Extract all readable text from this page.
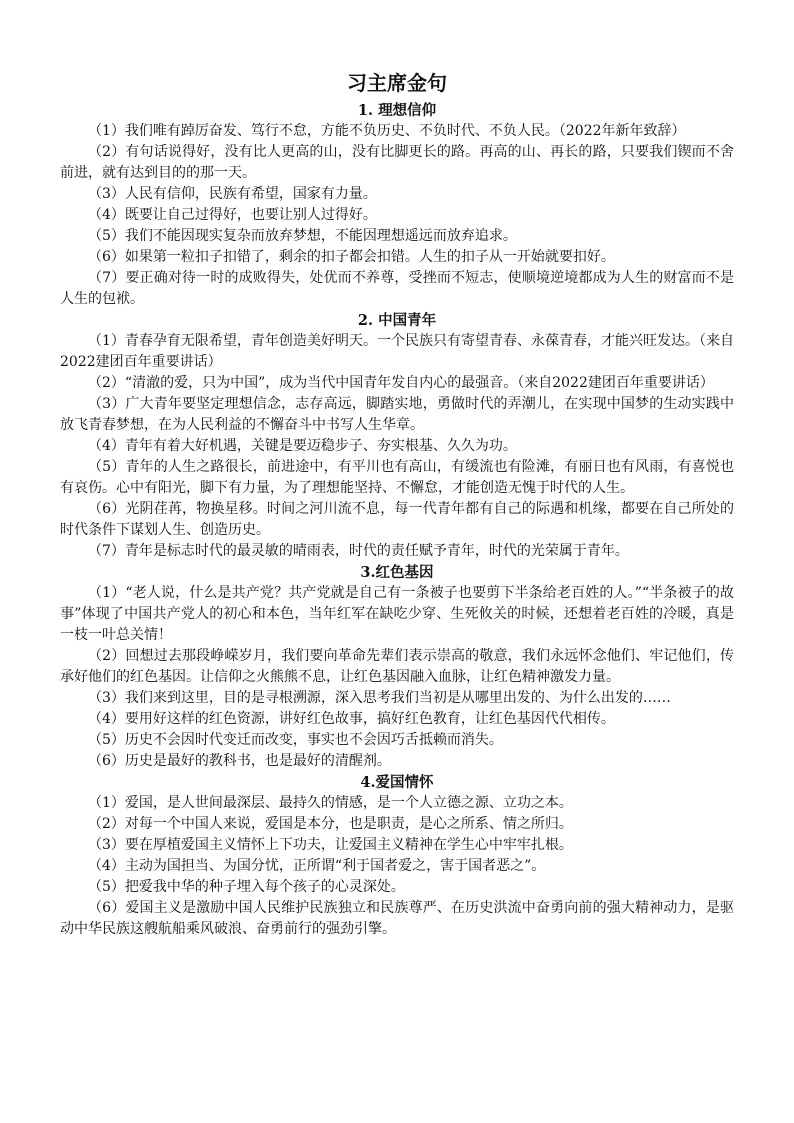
习主席金句
1. 理想信仰

（1）我们唯有踔厉奋发、笃行不怠，方能不负历史、不负时代、不负人民。（2022年新年致辞）

（2）有句话说得好，没有比人更高的山，没有比脚更长的路。再高的山、再长的路，只要我们锲而不舍前进，就有达到目的的那一天。

（3）人民有信仰，民族有希望，国家有力量。

（4）既要让自己过得好，也要让别人过得好。

（5）我们不能因现实复杂而放弃梦想，不能因理想遥远而放弃追求。

（6）如果第一粒扣子扣错了，剩余的扣子都会扣错。人生的扣子从一开始就要扣好。

（7）要正确对待一时的成败得失，处优而不养尊，受挫而不短志，使顺境逆境都成为人生的财富而不是人生的包袱。

2. 中国青年

（1）青春孕育无限希望，青年创造美好明天。一个民族只有寄望青春、永葆青春，才能兴旺发达。（来自2022建团百年重要讲话）

（2）“清澈的爱，只为中国”，成为当代中国青年发自内心的最强音。（来自2022建团百年重要讲话）

（3）广大青年要坚定理想信念，志存高远，脚踏实地，勇做时代的弄潮儿，在实现中国梦的生动实践中放飞青春梦想，在为人民利益的不懈奋斗中书写人生华章。

（4）青年有着大好机遇，关键是要迈稳步子、夯实根基、久久为功。

（5）青年的人生之路很长，前进途中，有平川也有高山，有缓流也有险滩，有丽日也有风雨，有喜悦也有哀伤。心中有阳光，脚下有力量，为了理想能坚持、不懈怠，才能创造无愧于时代的人生。

（6）光阴荏苒，物换星移。时间之河川流不息，每一代青年都有自己的际遇和机缘，都要在自己所处的时代条件下谋划人生、创造历史。

（7）青年是标志时代的最灵敏的晴雨表，时代的责任赋予青年，时代的光荣属于青年。

3.红色基因

（1）“老人说，什么是共产党？共产党就是自己有一条被子也要剪下半条给老百姓的人。”“半条被子的故事”体现了中国共产党人的初心和本色，当年红军在缺吃少穿、生死攸关的时候，还想着老百姓的冷暖，真是一枝一叶总关情！

（2）回想过去那段峥嵘岁月，我们要向革命先辈们表示崇高的敬意，我们永远怀念他们、牢记他们，传承好他们的红色基因。让信仰之火熊熊不息，让红色基因融入血脉，让红色精神激发力量。

（3）我们来到这里，目的是寻根溯源，深入思考我们当初是从哪里出发的、为什么出发的……

（4）要用好这样的红色资源，讲好红色故事，搞好红色教育，让红色基因代代相传。

（5）历史不会因时代变迁而改变，事实也不会因巧舌抵赖而消失。

（6）历史是最好的教科书，也是最好的清醒剂。

4.爱国情怀

（1）爱国，是人世间最深层、最持久的情感，是一个人立德之源、立功之本。

（2）对每一个中国人来说，爱国是本分，也是职责，是心之所系、情之所归。

（3）要在厚植爱国主义情怀上下功夫，让爱国主义精神在学生心中牢牢扎根。

（4）主动为国担当、为国分忧，正所谓“利于国者爱之，害于国者恶之”。

（5）把爱我中华的种子埋入每个孩子的心灵深处。

（6）爱国主义是激励中国人民维护民族独立和民族尊严、在历史洪流中奋勇向前的强大精神动力，是驱动中华民族这艘航船乘风破浪、奋勇前行的强劲引擎。
